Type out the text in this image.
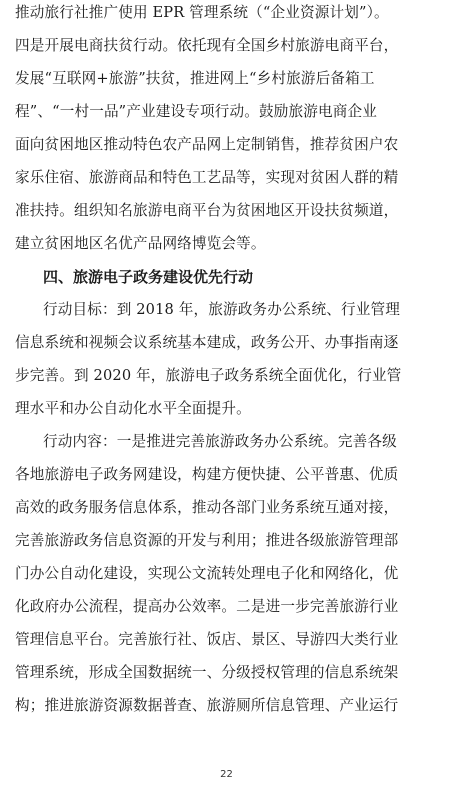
推动旅行社推广使用 EPR 管理系统（“企业资源计划”）。
四是开展电商扶贫行动。依托现有全国乡村旅游电商平台，
发展“互联网+旅游”扶贫，推进网上“乡村旅游后备箱工
程”、“一村一品”产业建设专项行动。鼓励旅游电商企业
面向贫困地区推动特色农产品网上定制销售，推荐贫困户农
家乐住宿、旅游商品和特色工艺品等，实现对贫困人群的精
准扶持。组织知名旅游电商平台为贫困地区开设扶贫频道，
建立贫困地区名优产品网络博览会等。
四、旅游电子政务建设优先行动
行动目标：到 2018 年，旅游政务办公系统、行业管理
信息系统和视频会议系统基本建成，政务公开、办事指南逐
步完善。到 2020 年，旅游电子政务系统全面优化，行业管
理水平和办公自动化水平全面提升。
行动内容：一是推进完善旅游政务办公系统。完善各级
各地旅游电子政务网建设，构建方便快捷、公平普惠、优质
高效的政务服务信息体系，推动各部门业务系统互通对接，
完善旅游政务信息资源的开发与利用；推进各级旅游管理部
门办公自动化建设，实现公文流转处理电子化和网络化，优
化政府办公流程，提高办公效率。二是进一步完善旅游行业
管理信息平台。完善旅行社、饭店、景区、导游四大类行业
管理系统，形成全国数据统一、分级授权管理的信息系统架
构；推进旅游资源数据普查、旅游厕所信息管理、产业运行
22
